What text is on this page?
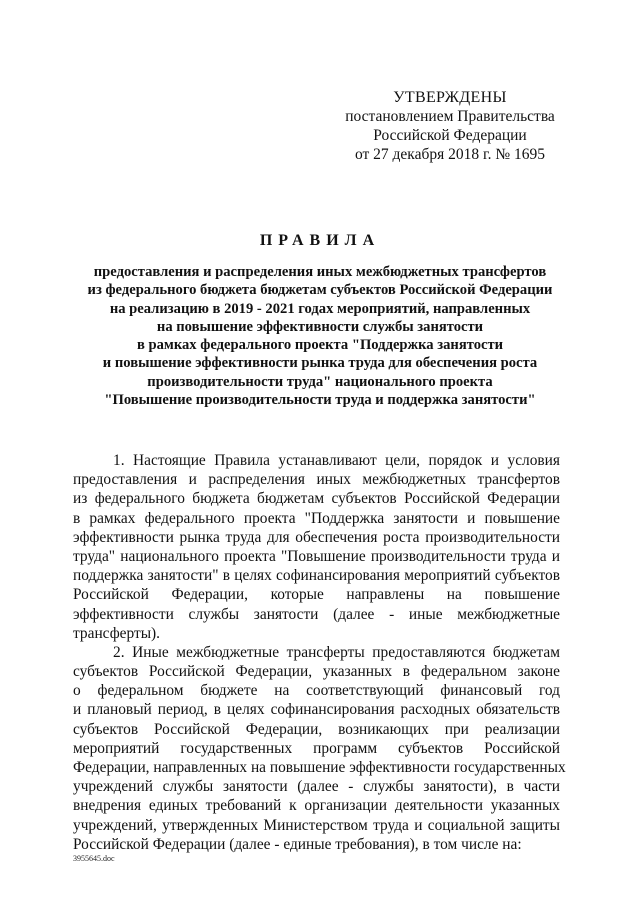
УТВЕРЖДЕНЫ
постановлением Правительства
Российской Федерации
от 27 декабря 2018 г. № 1695
ПРАВИЛА
предоставления и распределения иных межбюджетных трансфертов
из федерального бюджета бюджетам субъектов Российской Федерации
на реализацию в 2019 - 2021 годах мероприятий, направленных
на повышение эффективности службы занятости
в рамках федерального проекта "Поддержка занятости
и повышение эффективности рынка труда для обеспечения роста
производительности труда" национального проекта
"Повышение производительности труда и поддержка занятости"
1. Настоящие Правила устанавливают цели, порядок и условия
предоставления и распределения иных межбюджетных трансфертов
из федерального бюджета бюджетам субъектов Российской Федерации
в рамках федерального проекта "Поддержка занятости и повышение
эффективности рынка труда для обеспечения роста производительности
труда" национального проекта "Повышение производительности труда и
поддержка занятости" в целях софинансирования мероприятий субъектов
Российской Федерации, которые направлены на повышение
эффективности службы занятости (далее - иные межбюджетные
трансферты).
2. Иные межбюджетные трансферты предоставляются бюджетам
субъектов Российской Федерации, указанных в федеральном законе
о федеральном бюджете на соответствующий финансовый год
и плановый период, в целях софинансирования расходных обязательств
субъектов Российской Федерации, возникающих при реализации
мероприятий государственных программ субъектов Российской
Федерации, направленных на повышение эффективности государственных
учреждений службы занятости (далее - службы занятости), в части
внедрения единых требований к организации деятельности указанных
учреждений, утвержденных Министерством труда и социальной защиты
Российской Федерации (далее - единые требования), в том числе на:
3955645.doc
